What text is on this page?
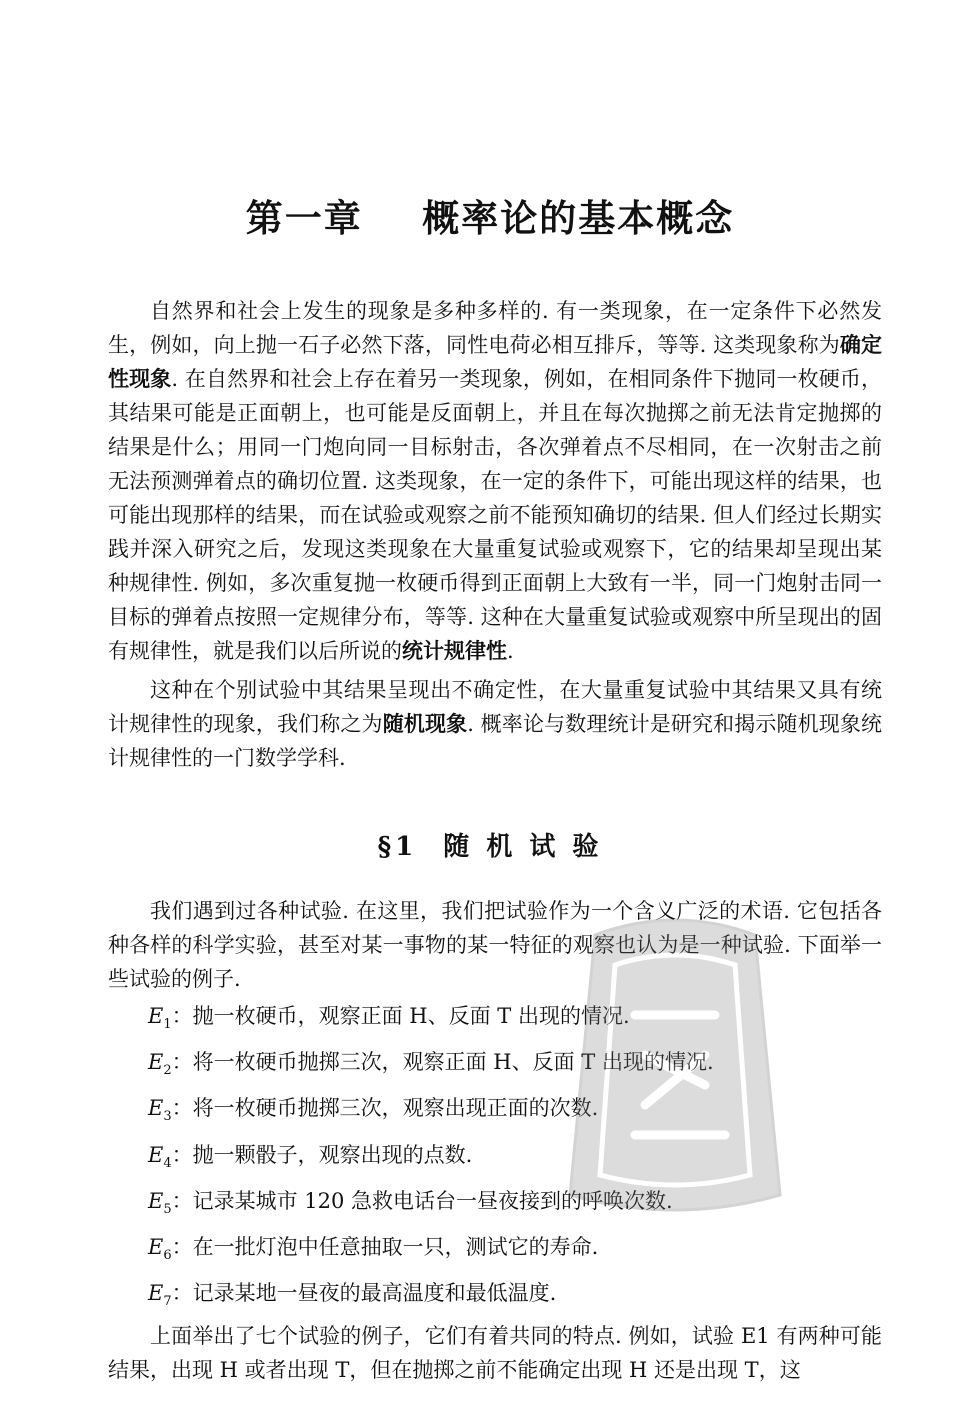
第一章    概率论的基本概念

自然界和社会上发生的现象是多种多样的. 有一类现象，在一定条件下必然发生，例如，向上抛一石子必然下落，同性电荷必相互排斥，等等. 这类现象称为确定性现象. 在自然界和社会上存在着另一类现象，例如，在相同条件下抛同一枚硬币，其结果可能是正面朝上，也可能是反面朝上，并且在每次抛掷之前无法肯定抛掷的结果是什么；用同一门炮向同一目标射击，各次弹着点不尽相同，在一次射击之前无法预测弹着点的确切位置. 这类现象，在一定的条件下，可能出现这样的结果，也可能出现那样的结果，而在试验或观察之前不能预知确切的结果. 但人们经过长期实践并深入研究之后，发现这类现象在大量重复试验或观察下，它的结果却呈现出某种规律性. 例如，多次重复抛一枚硬币得到正面朝上大致有一半，同一门炮射击同一目标的弹着点按照一定规律分布，等等. 这种在大量重复试验或观察中所呈现出的固有规律性，就是我们以后所说的统计规律性.

这种在个别试验中其结果呈现出不确定性，在大量重复试验中其结果又具有统计规律性的现象，我们称之为随机现象. 概率论与数理统计是研究和揭示随机现象统计规律性的一门数学学科.

§1 随 机 试 验

我们遇到过各种试验. 在这里，我们把试验作为一个含义广泛的术语. 它包括各种各样的科学实验，甚至对某一事物的某一特征的观察也认为是一种试验. 下面举一些试验的例子.

$E_1$：抛一枚硬币，观察正面 H、反面 T 出现的情况.
$E_2$：将一枚硬币抛掷三次，观察正面 H、反面 T 出现的情况.
$E_3$：将一枚硬币抛掷三次，观察出现正面的次数.
$E_4$：抛一颗骰子，观察出现的点数.
$E_5$：记录某城市 120 急救电话台一昼夜接到的呼唤次数.
$E_6$：在一批灯泡中任意抽取一只，测试它的寿命.
$E_7$：记录某地一昼夜的最高温度和最低温度.

上面举出了七个试验的例子，它们有着共同的特点. 例如，试验 E1 有两种可能结果，出现 H 或者出现 T，但在抛掷之前不能确定出现 H 还是出现 T，这
